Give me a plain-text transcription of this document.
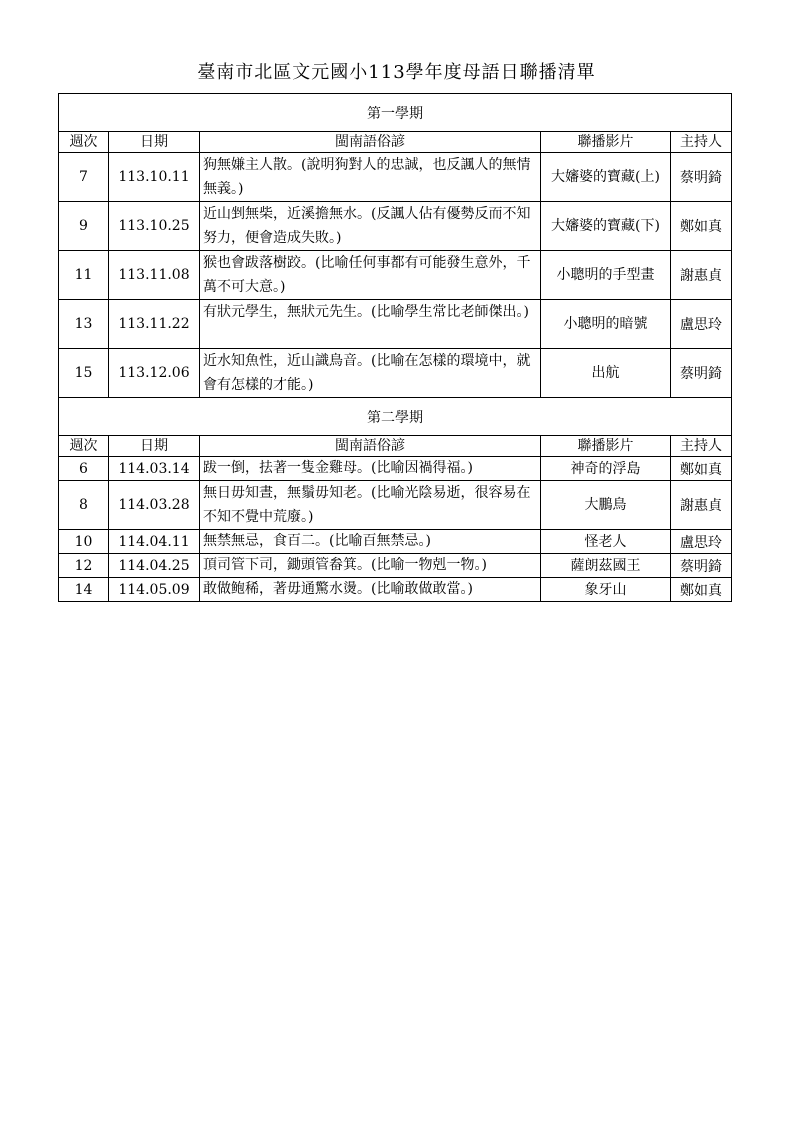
臺南市北區文元國小113學年度母語日聯播清單
第一學期				
週次	日期	閩南語俗諺	聯播影片	主持人
7	113.10.11	狗無嫌主人散。(說明狗對人的忠誠，也反諷人的無情無義。)	大嬸婆的寶藏(上)	蔡明錡
9	113.10.25	近山剉無柴，近溪擔無水。(反諷人佔有優勢反而不知努力，便會造成失敗。)	大嬸婆的寶藏(下)	鄭如真
11	113.11.08	猴也會跋落樹跤。(比喻任何事都有可能發生意外，千萬不可大意。)	小聰明的手型畫	謝惠貞
13	113.11.22	有狀元學生，無狀元先生。(比喻學生常比老師傑出。)	小聰明的暗號	盧思玲
15	113.12.06	近水知魚性，近山識鳥音。(比喻在怎樣的環境中，就會有怎樣的才能。)	出航	蔡明錡
第二學期				
週次	日期	閩南語俗諺	聯播影片	主持人
6	114.03.14	跋一倒，抾著一隻金雞母。(比喻因禍得福。)	神奇的浮島	鄭如真
8	114.03.28	無日毋知晝，無鬚毋知老。(比喻光陰易逝，很容易在不知不覺中荒廢。)	大鵬鳥	謝惠貞
10	114.04.11	無禁無忌，食百二。(比喻百無禁忌。)	怪老人	盧思玲
12	114.04.25	頂司管下司，鋤頭管畚箕。(比喻一物剋一物。)	薩朗茲國王	蔡明錡
14	114.05.09	敢做鲍稀，著毋通驚水燙。(比喻敢做敢當。)	象牙山	鄭如真
